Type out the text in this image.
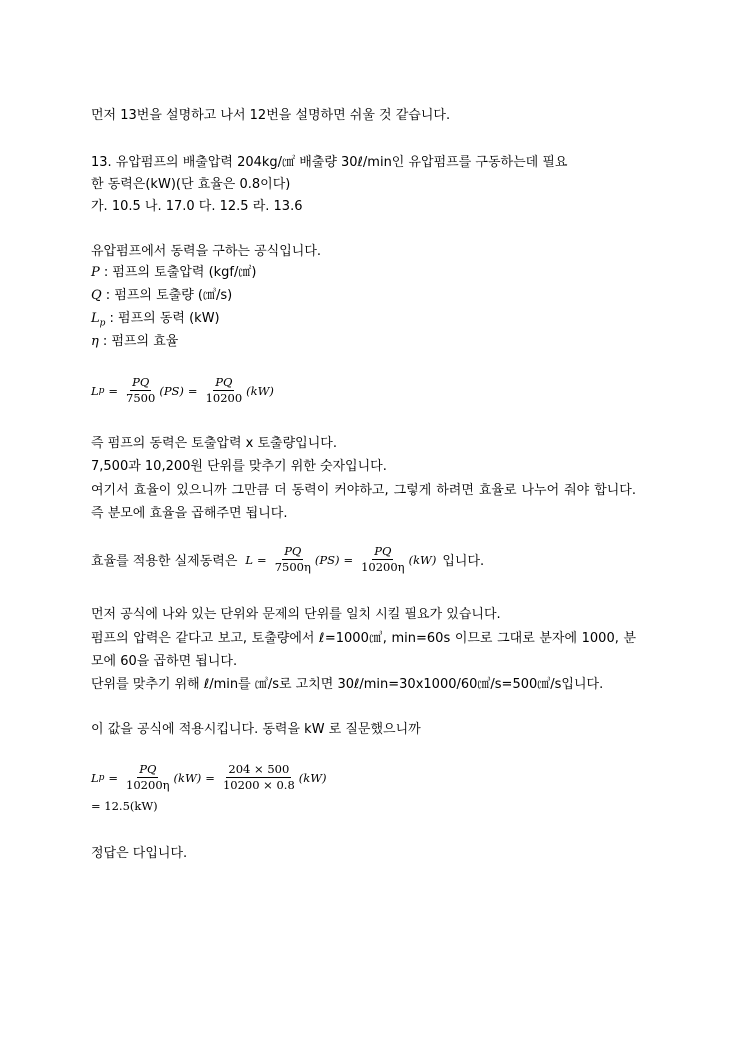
먼저 13번을 설명하고 나서 12번을 설명하면 쉬울 것 같습니다.
13. 유압펌프의 배출압력 204kg/㎠ 배출량 30ℓ/min인 유압펌프를 구동하는데 필요
한 동력은(kW)(단 효율은 0.8이다)
가. 10.5 나. 17.0 다. 12.5 라. 13.6
유압펌프에서 동력을 구하는 공식입니다.
P : 펌프의 토출압력 (kgf/㎠)
Q : 펌프의 토출량 (㎤/s)
$L_p$ : 펌프의 동력 (kW)
η : 펌프의 효율
L $p = \frac{PQ}{7500} (PS) = \frac{PQ}{10200} (kW)$
즉 펌프의 동력은 토출압력 x 토출량입니다.
7,500과 10,200원 단위를 맞추기 위한 숫자입니다.
여기서 효율이 있으니까 그만큼 더 동력이 커야하고, 그렇게 하려면 효율로 나누어 줘야 합니다. 즉 분모에 효율을 곱해주면 됩니다.
효율를 적용한 실제동력은 $L = \frac{PQ}{7500\eta} (PS) = \frac{PQ}{10200\eta} (kW)$ 입니다.
먼저 공식에 나와 있는 단위와 문제의 단위를 일치 시킬 필요가 있습니다.
펌프의 압력은 같다고 보고, 토출량에서 ℓ=1000㎤, min=60s 이므로 그대로 분자에 1000, 분모에 60을 곱하면 됩니다.
단위를 맞추기 위해 ℓ/min를 ㎤/s로 고치면 30ℓ/min=30x1000/60㎤/s=500㎤/s입니다.
이 값을 공식에 적용시킵니다. 동력을 kW 로 질문했으니까
L $p = \frac{PQ}{10200\eta} (kW) = \frac{204 \times 500}{10200 \times 0.8} (kW)$
= 12.5(kW)
정답은 다입니다.
